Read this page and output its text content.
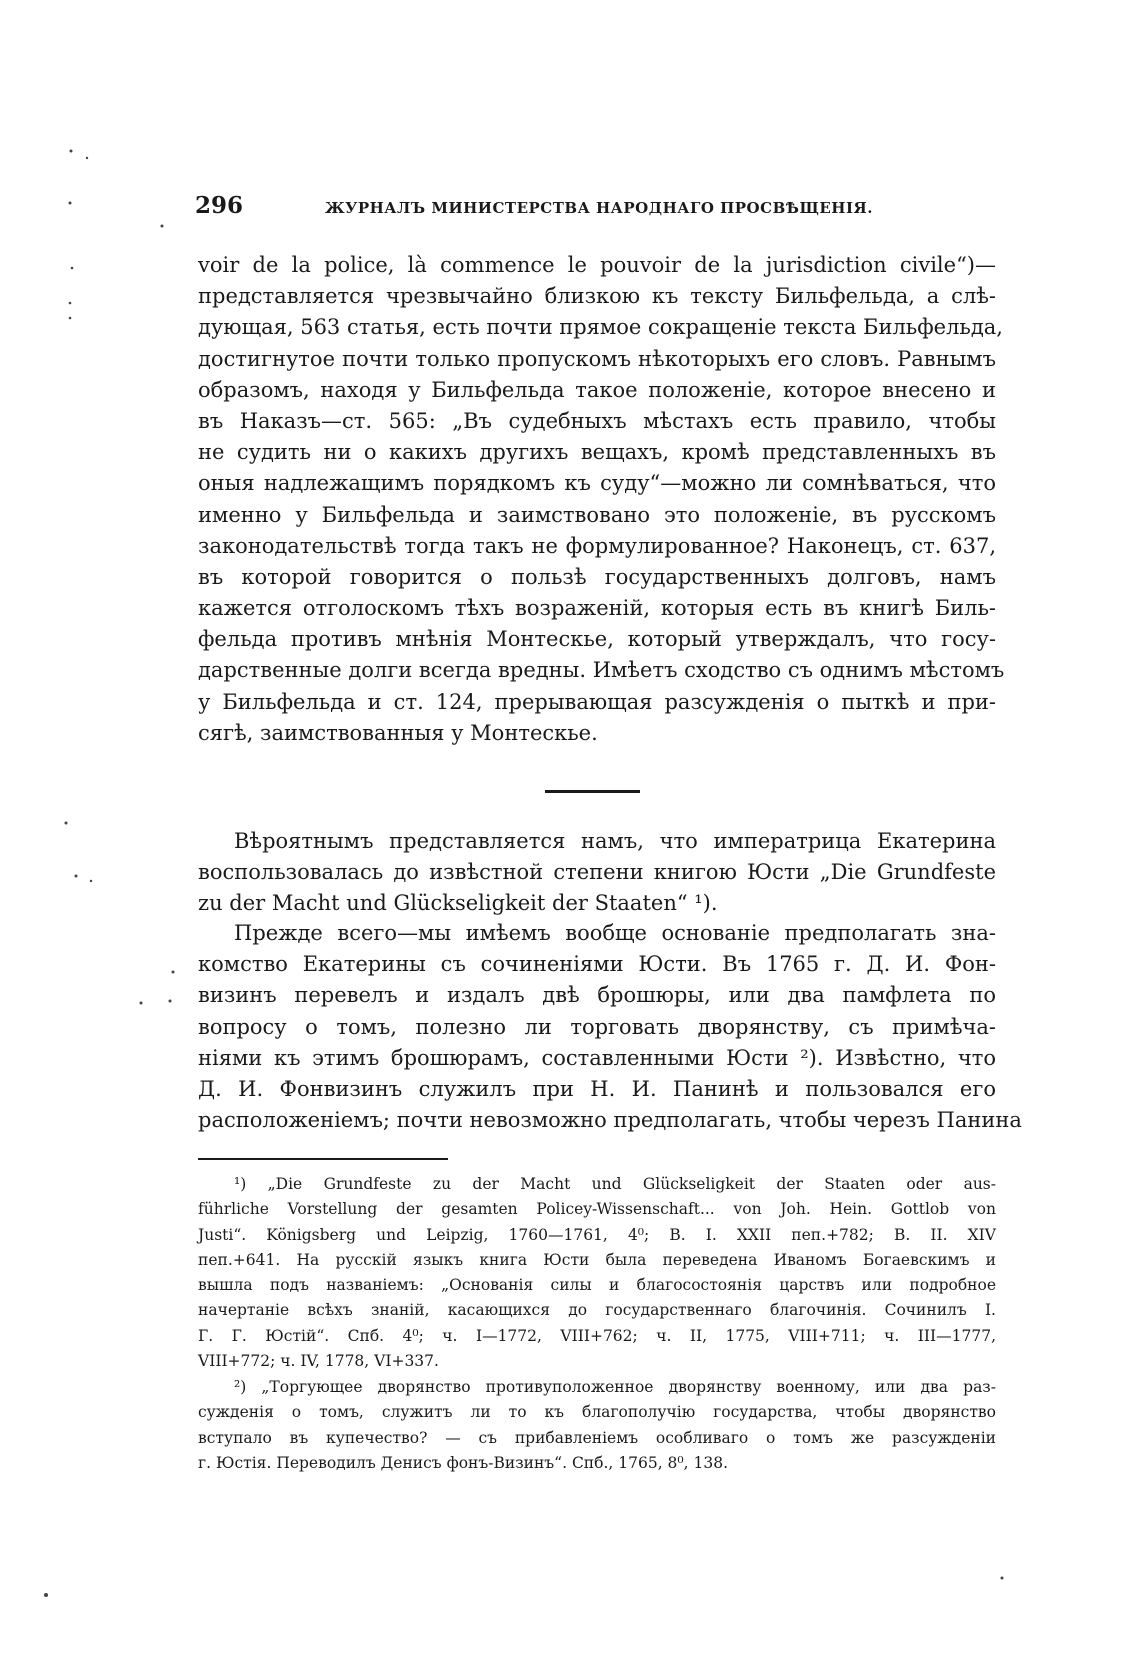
296	ЖУРНАЛЪ МИНИСТЕРСТВА НАРОДНАГО ПРОСВѢЩЕНІЯ.
voir de la police, là commence le pouvoir de la jurisdiction civile“)—
представляется чрезвычайно близкою къ тексту Бильфельда, а слѣ-
дующая, 563 статья, есть почти прямое сокращеніе текста Бильфельда,
достигнутое почти только пропускомъ нѣкоторыхъ его словъ. Равнымъ
образомъ, находя у Бильфельда такое положеніе, которое внесено и
въ Наказъ—ст. 565: „Въ судебныхъ мѣстахъ есть правило, чтобы
не судить ни о какихъ другихъ вещахъ, кромѣ представленныхъ въ
оныя надлежащимъ порядкомъ къ суду“—можно ли сомнѣваться, что
именно у Бильфельда и заимствовано это положеніе, въ русскомъ
законодательствѣ тогда такъ не формулированное? Наконецъ, ст. 637,
въ которой говорится о пользѣ государственныхъ долговъ, намъ
кажется отголоскомъ тѣхъ возраженій, которыя есть въ книгѣ Биль-
фельда противъ мнѣнія Монтескье, который утверждалъ, что госу-
дарственные долги всегда вредны. Имѣетъ сходство съ однимъ мѣстомъ
у Бильфельда и ст. 124, прерывающая разсужденія о пыткѣ и при-
сягѣ, заимствованныя у Монтескье.
Вѣроятнымъ представляется намъ, что императрица Екатерина
воспользовалась до извѣстной степени книгою Юсти „Die Grundfeste
zu der Macht und Glückseligkeit der Staaten“ ¹).
Прежде всего—мы имѣемъ вообще основаніе предполагать зна-
комство Екатерины съ сочиненіями Юсти. Въ 1765 г. Д. И. Фон-
визинъ перевелъ и издалъ двѣ брошюры, или два памфлета по
вопросу о томъ, полезно ли торговать дворянству, съ примѣча-
ніями къ этимъ брошюрамъ, составленными Юсти ²). Извѣстно, что
Д. И. Фонвизинъ служилъ при Н. И. Панинѣ и пользовался его
расположеніемъ; почти невозможно предполагать, чтобы черезъ Панина
¹) „Die Grundfeste zu der Macht und Glückseligkeit der Staaten oder aus-
führliche Vorstellung der gesamten Policey-Wissenschaft... von Joh. Hein. Gottlob von
Justi“. Königsberg und Leipzig, 1760—1761, 4⁰; B. I. XXII пеп.+782; B. II. XIV
пеп.+641. На русскій языкъ книга Юсти была переведена Иваномъ Богаевскимъ и
вышла подъ названіемъ: „Основанія силы и благосостоянія царствъ или подробное
начертаніе всѣхъ знаній, касающихся до государственнаго благочинія. Сочинилъ І.
Г. Г. Юстій“. Спб. 4⁰; ч. I—1772, VIII+762; ч. II, 1775, VIII+711; ч. III—1777,
VIII+772; ч. IV, 1778, VI+337.
²) „Торгующее дворянство противуположенное дворянству военному, или два раз-
сужденія о томъ, служитъ ли то къ благополучію государства, чтобы дворянство
вступало въ купечество? — съ прибавленіемъ особливаго о томъ же разсужденіи
г. Юстія. Переводилъ Денисъ фонъ-Визинъ“. Спб., 1765, 8⁰, 138.
